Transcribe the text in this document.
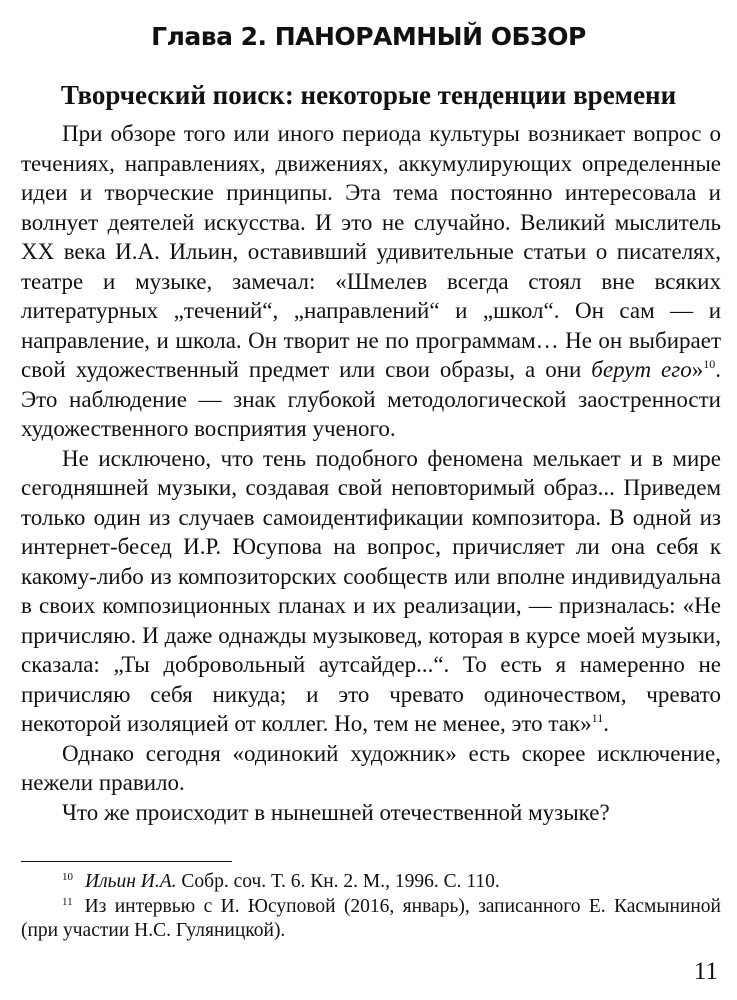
Глава 2. ПАНОРАМНЫЙ ОБЗОР
Творческий поиск: некоторые тенденции времени

При обзоре того или иного периода культуры возникает вопрос о течениях, направлениях, движениях, аккумулирующих определенные идеи и творческие принципы. Эта тема постоянно интересовала и волнует деятелей искусства. И это не случайно. Великий мыслитель XX века И.А. Ильин, оставивший удивительные статьи о писателях, театре и музыке, замечал: «Шмелев всегда стоял вне всяких литературных „течений“, „направлений“ и „школ“. Он сам — и направление, и школа. Он творит не по программам… Не он выбирает свой художественный предмет или свои образы, а они берут его»$^{10}$. Это наблюдение — знак глубокой методологической заостренности художественного восприятия ученого.

Не исключено, что тень подобного феномена мелькает и в мире сегодняшней музыки, создавая свой неповторимый образ... Приведем только один из случаев самоидентификации композитора. В одной из интернет-бесед И.Р. Юсупова на вопрос, причисляет ли она себя к какому-либо из композиторских сообществ или вполне индивидуальна в своих композиционных планах и их реализации, — призналась: «Не причисляю. И даже однажды музыковед, которая в курсе моей музыки, сказала: „Ты добровольный аутсайдер...“. То есть я намеренно не причисляю себя никуда; и это чревато одиночеством, чревато некоторой изоляцией от коллег. Но, тем не менее, это так»$^{11}$.

Однако сегодня «одинокий художник» есть скорее исключение, нежели правило.

Что же происходит в нынешней отечественной музыке?

$^{10}$ Ильин И.А. Собр. соч. Т. 6. Кн. 2. М., 1996. С. 110.

$^{11}$ Из интервью с И. Юсуповой (2016, январь), записанного Е. Касмыниной (при участии Н.С. Гуляницкой).

11
